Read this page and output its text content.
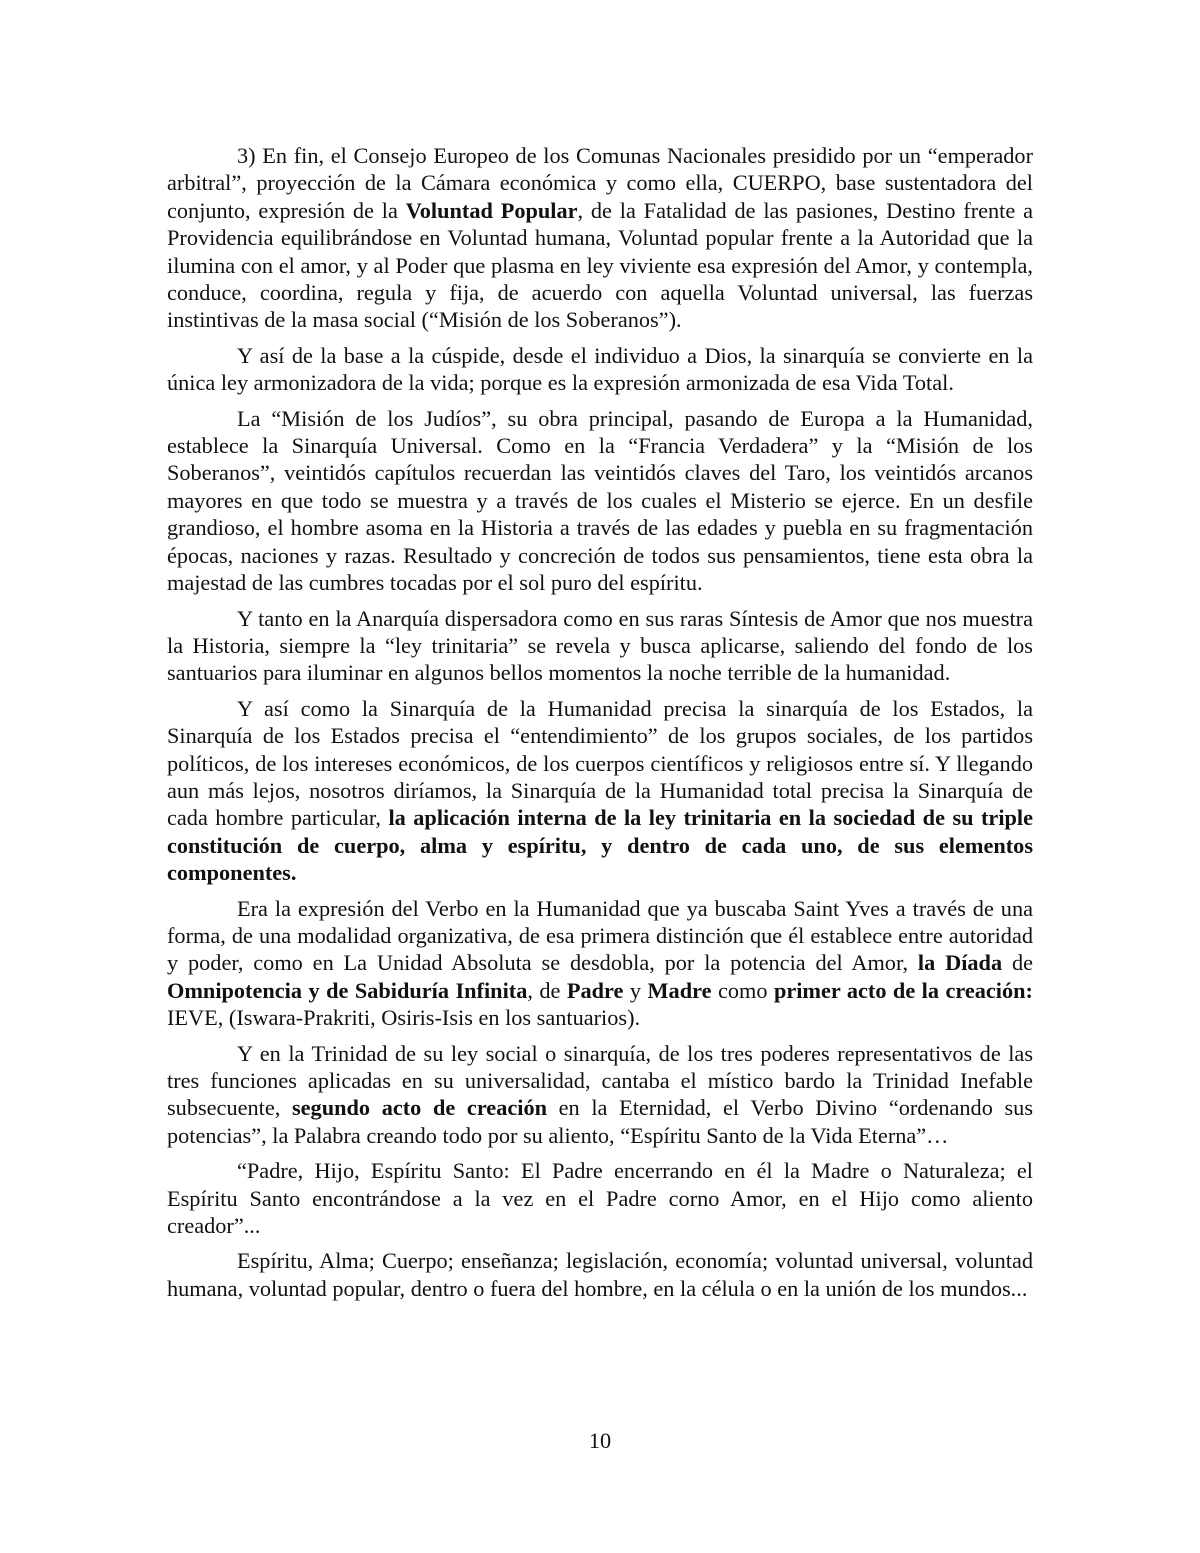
3) En fin, el Consejo Europeo de los Comunas Nacionales presidido por un “emperador arbitral”, proyección de la Cámara económica y como ella, CUERPO, base sustentadora del conjunto, expresión de la Voluntad Popular, de la Fatalidad de las pasiones, Destino frente a Providencia equilibrándose en Voluntad humana, Voluntad popular frente a la Autoridad que la ilumina con el amor, y al Poder que plasma en ley viviente esa expresión del Amor, y contempla, conduce, coordina, regula y fija, de acuerdo con aquella Voluntad universal, las fuerzas instintivas de la masa social (“Misión de los Soberanos”).

Y así de la base a la cúspide, desde el individuo a Dios, la sinarquía se convierte en la única ley armonizadora de la vida; porque es la expresión armonizada de esa Vida Total.

La “Misión de los Judíos”, su obra principal, pasando de Europa a la Humanidad, establece la Sinarquía Universal. Como en la “Francia Verdadera” y la “Misión de los Soberanos”, veintidós capítulos recuerdan las veintidós claves del Taro, los veintidós arcanos mayores en que todo se muestra y a través de los cuales el Misterio se ejerce. En un desfile grandioso, el hombre asoma en la Historia a través de las edades y puebla en su fragmentación épocas, naciones y razas. Resultado y concreción de todos sus pensamientos, tiene esta obra la majestad de las cumbres tocadas por el sol puro del espíritu.

Y tanto en la Anarquía dispersadora como en sus raras Síntesis de Amor que nos muestra la Historia, siempre la “ley trinitaria” se revela y busca aplicarse, saliendo del fondo de los santuarios para iluminar en algunos bellos momentos la noche terrible de la humanidad.

Y así como la Sinarquía de la Humanidad precisa la sinarquía de los Estados, la Sinarquía de los Estados precisa el “entendimiento” de los grupos sociales, de los partidos políticos, de los intereses económicos, de los cuerpos científicos y religiosos entre sí. Y llegando aun más lejos, nosotros diríamos, la Sinarquía de la Humanidad total precisa la Sinarquía de cada hombre particular, la aplicación interna de la ley trinitaria en la sociedad de su triple constitución de cuerpo, alma y espíritu, y dentro de cada uno, de sus elementos componentes.

Era la expresión del Verbo en la Humanidad que ya buscaba Saint Yves a través de una forma, de una modalidad organizativa, de esa primera distinción que él establece entre autoridad y poder, como en La Unidad Absoluta se desdobla, por la potencia del Amor, la Díada de Omnipotencia y de Sabiduría Infinita, de Padre y Madre como primer acto de la creación: IEVE, (Iswara-Prakriti, Osiris-Isis en los santuarios).

Y en la Trinidad de su ley social o sinarquía, de los tres poderes representativos de las tres funciones aplicadas en su universalidad, cantaba el místico bardo la Trinidad Inefable subsecuente, segundo acto de creación en la Eternidad, el Verbo Divino “ordenando sus potencias”, la Palabra creando todo por su aliento, “Espíritu Santo de la Vida Eterna”…

“Padre, Hijo, Espíritu Santo: El Padre encerrando en él la Madre o Naturaleza; el Espíritu Santo encontrándose a la vez en el Padre corno Amor, en el Hijo como aliento creador”...

Espíritu, Alma; Cuerpo; enseñanza; legislación, economía; voluntad universal, voluntad humana, voluntad popular, dentro o fuera del hombre, en la célula o en la unión de los mundos...

10
